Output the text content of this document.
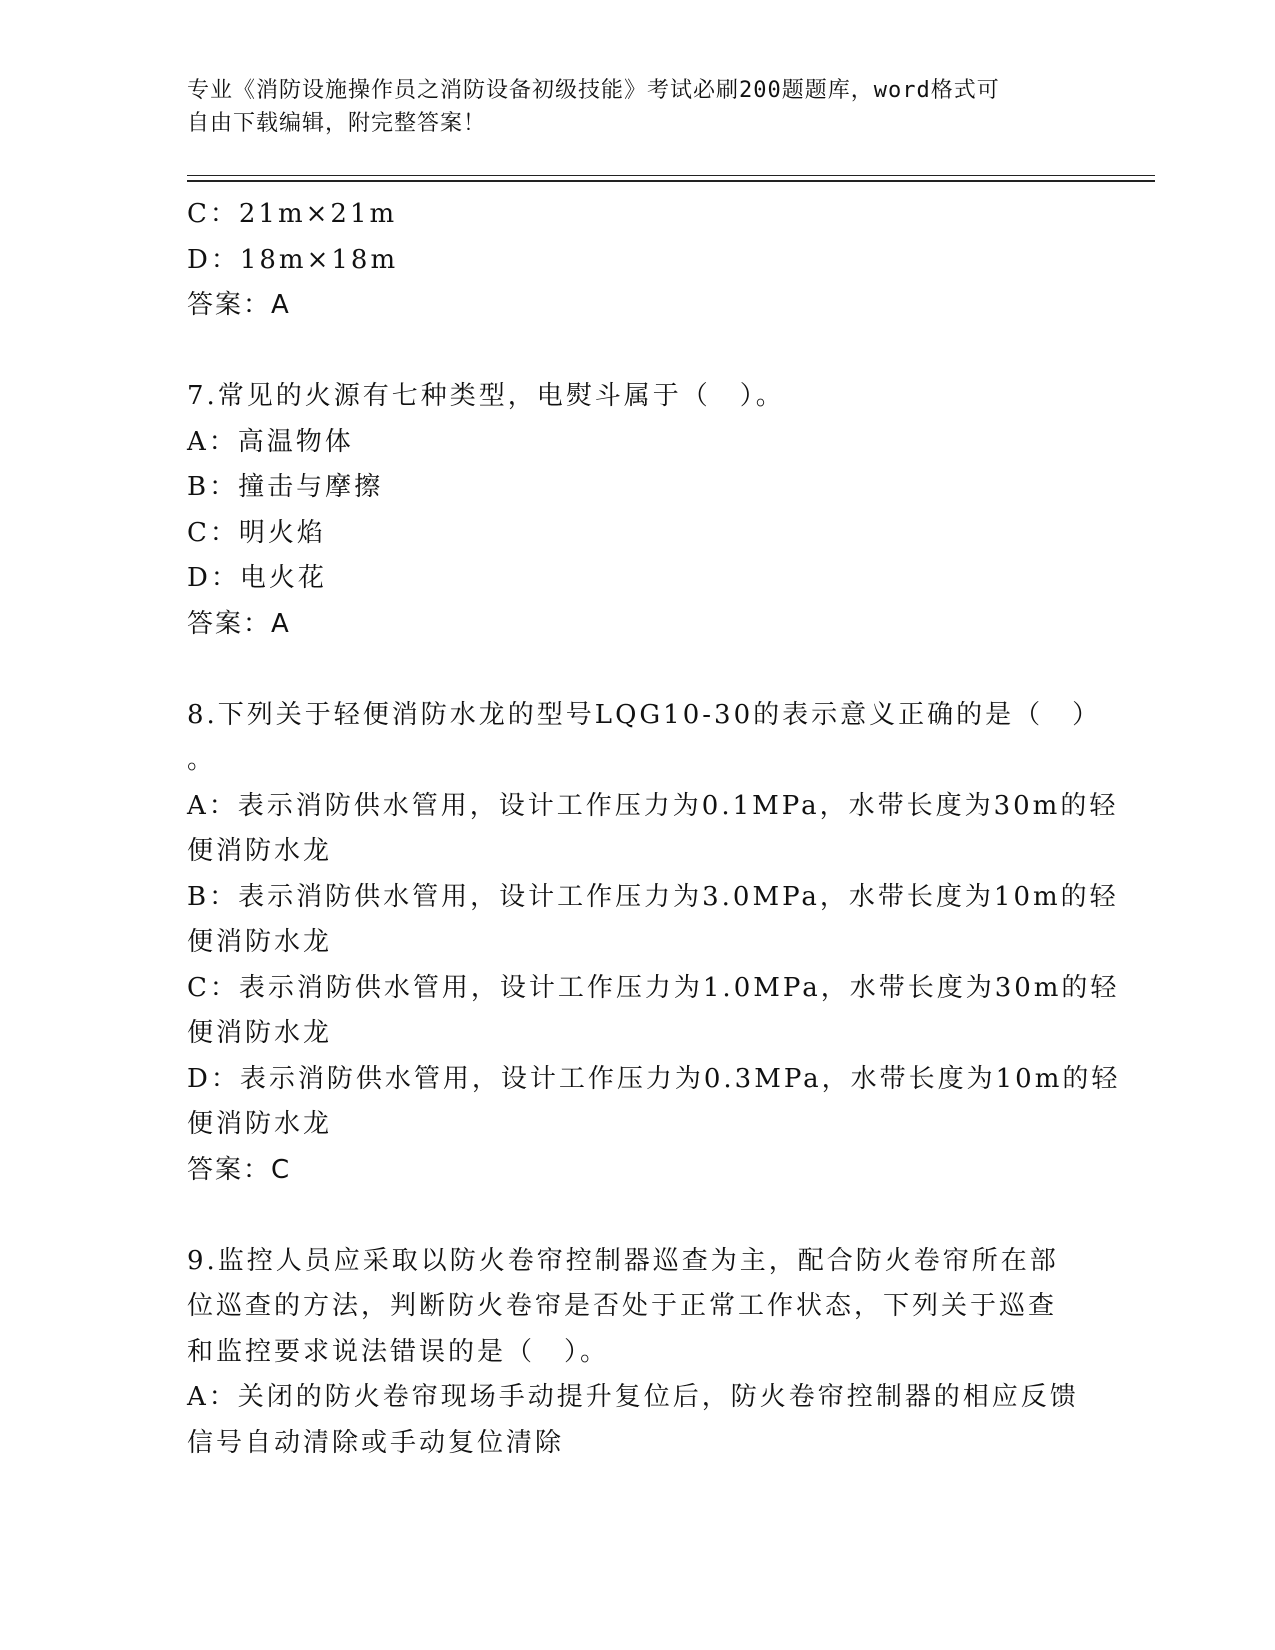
专业《消防设施操作员之消防设备初级技能》考试必刷200题题库，word格式可
自由下载编辑，附完整答案！
C：21m×21m
D：18m×18m
答案：A
7.常见的火源有七种类型，电熨斗属于（　）。
A：高温物体
B：撞击与摩擦
C：明火焰
D：电火花
答案：A
8.下列关于轻便消防水龙的型号LQG10-30的表示意义正确的是（　）
。
A：表示消防供水管用，设计工作压力为0.1MPa，水带长度为30m的轻
便消防水龙
B：表示消防供水管用，设计工作压力为3.0MPa，水带长度为10m的轻
便消防水龙
C：表示消防供水管用，设计工作压力为1.0MPa，水带长度为30m的轻
便消防水龙
D：表示消防供水管用，设计工作压力为0.3MPa，水带长度为10m的轻
便消防水龙
答案：C
9.监控人员应采取以防火卷帘控制器巡查为主，配合防火卷帘所在部
位巡查的方法，判断防火卷帘是否处于正常工作状态，下列关于巡查
和监控要求说法错误的是（　）。
A：关闭的防火卷帘现场手动提升复位后，防火卷帘控制器的相应反馈
信号自动清除或手动复位清除
